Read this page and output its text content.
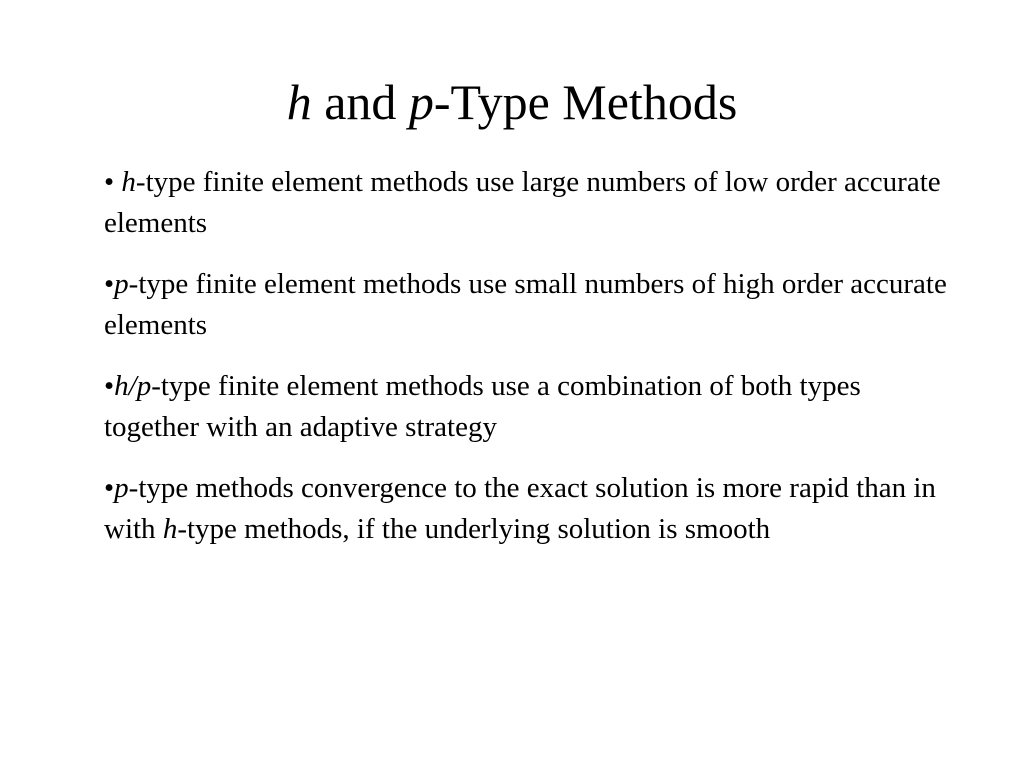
h and p-Type Methods

• h-type finite element methods use large numbers of low order accurate elements

•p-type finite element methods use small numbers of high order accurate elements

•h/p-type finite element methods use a combination of both types together with an adaptive strategy

•p-type methods convergence to the exact solution is more rapid than in with h-type methods, if the underlying solution is smooth
